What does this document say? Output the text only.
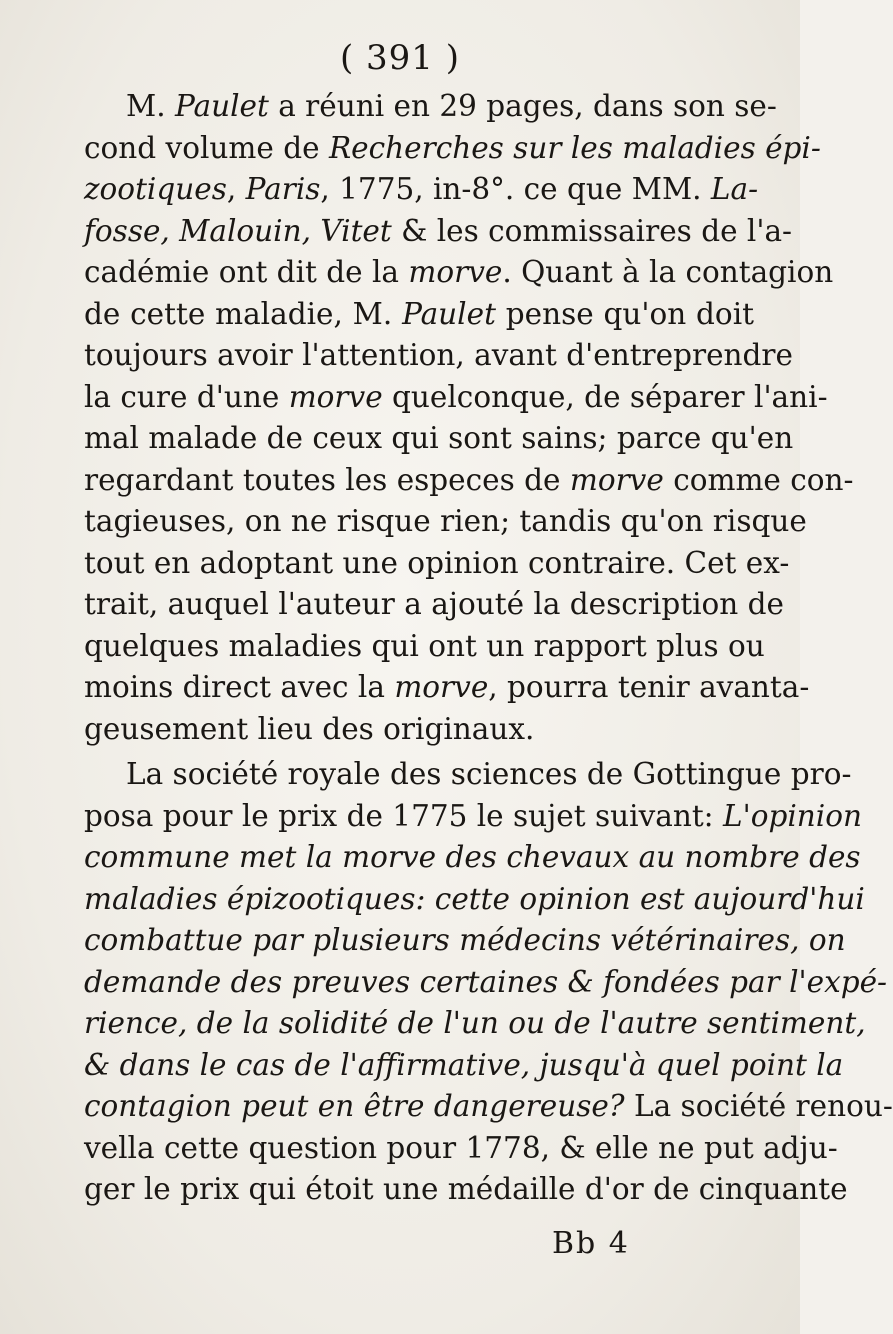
( 391 )
M. Paulet a réuni en 29 pages, dans son se-
cond volume de Recherches sur les maladies épi-
zootiques, Paris, 1775, in-8°. ce que MM. La-
fosse, Malouin, Vitet & les commissaires de l'a-
cadémie ont dit de la morve. Quant à la contagion
de cette maladie, M. Paulet pense qu'on doit
toujours avoir l'attention, avant d'entreprendre
la cure d'une morve quelconque, de séparer l'ani-
mal malade de ceux qui sont sains; parce qu'en
regardant toutes les especes de morve comme con-
tagieuses, on ne risque rien; tandis qu'on risque
tout en adoptant une opinion contraire. Cet ex-
trait, auquel l'auteur a ajouté la description de
quelques maladies qui ont un rapport plus ou
moins direct avec la morve, pourra tenir avanta-
geusement lieu des originaux.
La société royale des sciences de Gottingue pro-
posa pour le prix de 1775 le sujet suivant: L'opinion
commune met la morve des chevaux au nombre des
maladies épizootiques: cette opinion est aujourd'hui
combattue par plusieurs médecins vétérinaires, on
demande des preuves certaines & fondées par l'expé-
rience, de la solidité de l'un ou de l'autre sentiment,
& dans le cas de l'affirmative, jusqu'à quel point la
contagion peut en être dangereuse? La société renou-
vella cette question pour 1778, & elle ne put adju-
ger le prix qui étoit une médaille d'or de cinquante
Bb 4
